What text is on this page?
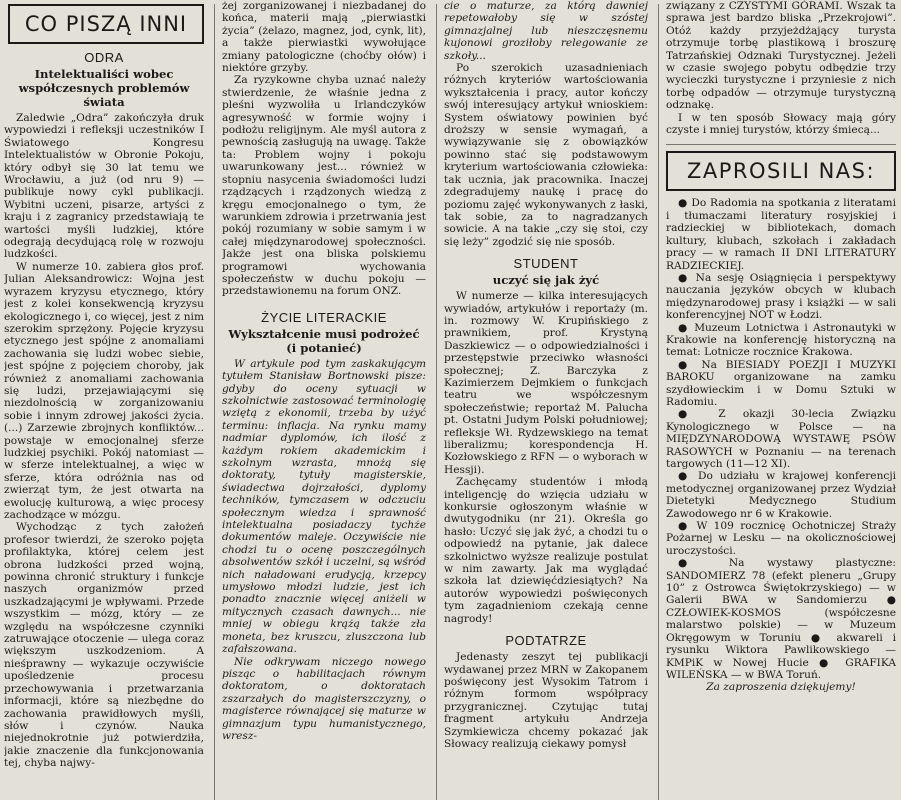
CO PISZĄ INNI
ODRA
Intelektualiści wobec współczesnych problemów świata

Zaledwie „Odra” zakończyła druk wypowiedzi i refleksji uczestników I Światowego Kongresu Intelektualistów w Obronie Pokoju, który odbył się 30 lat temu we Wrocławiu, a już (od nru 9) — publikuje nowy cykl publikacji. Wybitni uczeni, pisarze, artyści z kraju i z zagranicy przedstawiają te wartości myśli ludzkiej, które odegrają decydującą rolę w rozwoju ludzkości.

W numerze 10. zabiera głos prof. Julian Aleksandrowicz: Wojna jest wyrazem kryzysu etycznego, który jest z kolei konsekwencją kryzysu ekologicznego i, co więcej, jest z nim szerokim sprzężony. Pojęcie kryzysu etycznego jest spójne z anomaliami zachowania się ludzi wobec siebie, jest spójne z pojęciem choroby, jak również z anomaliami zachowania się ludzi, przejawiającymi się niezdolnością w zorganizowaniu sobie i innym zdrowej jakości życia. (...) Zarzewie zbrojnych konfliktów... powstaje w emocjonalnej sferze ludzkiej psychiki. Pokój natomiast — w sferze intelektualnej, a więc w sferze, która odróżnia nas od zwierząt tym, że jest otwarta na ewolucję kulturową, a więc procesy zachodzące w mózgu.

Wychodząc z tych założeń profesor twierdzi, że szeroko pojęta profilaktyka, której celem jest obrona ludzkości przed wojną, powinna chronić struktury i funkcje naszych organizmów przed uszkadzającymi je wpływami. Przede wszystkim — mózg, który — ze względu na współczesne czynniki zatruwające otoczenie — ulega coraz większym uszkodzeniom. A nieśprawny — wykazuje oczywiście upośledzenie procesu przechowywania i przetwarzania informacji, które są niezbędne do zachowania prawidłowych myśli, słów i czynów. Nauka niejednokrotnie już potwierdziła, jakie znaczenie dla funkcjonowania tej, chyba najwy-

żej zorganizowanej i niezbadanej do końca, materii mają „pierwiastki życia” (żelazo, magnez, jod, cynk, lit), a także pierwiastki wywołujące zmiany patologiczne (choćby ołów) i niektóre grzyby.

Za ryzykowne chyba uznać należy stwierdzenie, że właśnie jedna z pleśni wyzwoliła u Irlandczyków agresywność w formie wojny i podłożu religijnym. Ale myśl autora z pewnością zasługują na uwagę. Także ta: Problem wojny i pokoju uwarunkowany jest... również w stopniu nasycenia świadomości ludzi rządzących i rządzonych wiedzą z kręgu emocjonalnego o tym, że warunkiem zdrowia i przetrwania jest pokój rozumiany w sobie samym i w całej międzynarodowej społeczności. Jakże jest ona bliska polskiemu programowi wychowania społeczeństw w duchu pokoju — przedstawionemu na forum ONZ.

ŻYCIE LITERACKIE
Wykształcenie musi podrożeć (i potanieć)

W artykule pod tym zaskakującym tytułem Stanisław Bortnowski pisze: gdyby do oceny sytuacji w szkolnictwie zastosować terminologię wziętą z ekonomii, trzeba by użyć terminu: inflacja. Na rynku mamy nadmiar dyplomów, ich ilość z każdym rokiem akademickim i szkolnym wzrasta, mnożą się doktoraty, tytuły magisterskie, świadectwa dojrzałości, dyplomy techników, tymczasem w odczuciu społecznym wiedza i sprawność intelektualna posiadaczy tychże dokumentów maleje. Oczywiście nie chodzi tu o ocenę poszczególnych absolwentów szkół i uczelni, są wśród nich naładowani erudycją, krzepcy umysłowo młodzi ludzie, jest ich ponadto znacznie więcej aniżeli w mitycznych czasach dawnych... nie mniej w obiegu krążą także zła moneta, bez kruszcu, zluszczona lub zafałszowana.

Nie odkrywam niczego nowego pisząc o habilitacjach równym doktoratom, o doktoratach zszarzałych do magisterszczyzny, o magisterce równającej się maturze w gimnazjum typu humanistycznego, wresz-

cie o maturze, za którą dawniej repetowałoby się w szóstej gimnazjalnej lub nieszczęsnemu kujonowi groziłoby relegowanie ze szkoły...

Po szerokich uzasadnieniach różnych kryteriów wartościowania wykształcenia i pracy, autor kończy swój interesujący artykuł wnioskiem: System oświatowy powinien być droższy w sensie wymagań, a wywiązywanie się z obowiązków powinno stać się podstawowym kryterium wartościowania człowieka: tak ucznia, jak pracownika. Inaczej zdegradujemy naukę i pracę do poziomu zajęć wykonywanych z łaski, tak sobie, za to nagradzanych sowicie. A na takie „czy się stoi, czy się leży” zgodzić się nie sposób.

STUDENT
uczyć się jak żyć

W numerze — kilka interesujących wywiadów, artykułów i reportaży (m. in. rozmowy W. Krupińskiego z prawnikiem, prof. Krystyną Daszkiewicz — o odpowiedzialności i przestępstwie przeciwko własności społecznej; Z. Barczyka z Kazimierzem Dejmkiem o funkcjach teatru we współczesnym społeczeństwie; reportaż M. Palucha pt. Ostatni Judym Polski południowej; refleksje Wł. Rydzewskiego na temat liberalizmu; korespondencja H. Kozłowskiego z RFN — o wyborach w Hessji).

Zachęcamy studentów i młodą inteligencję do wzięcia udziału w konkursie ogłoszonym właśnie w dwutygodniku (nr 21). Określa go hasło: Uczyć się jak żyć, a chodzi tu o odpowiedź na pytanie, jak dalece szkolnictwo wyższe realizuje postulat w nim zawarty. Jak ma wyglądać szkoła lat dziewięćdziesiątych? Na autorów wypowiedzi poświęconych tym zagadnieniom czekają cenne nagrody!

PODTATRZE

Jedenasty zeszyt tej publikacji wydawanej przez MRN w Zakopanem poświęcony jest Wysokim Tatrom i różnym formom współpracy przygranicznej. Czytując tutaj fragment artykułu Andrzeja Szymkiewicza chcemy pokazać jak Słowacy realizują ciekawy pomysł

związany z CZYSTYMI GÓRAMI. Wszak ta sprawa jest bardzo bliska „Przekrojowi”. Otóż każdy przyjeżdżający turysta otrzymuje torbę plastikową i broszurę Tatrzańskiej Odznaki Turystycznej. Jeżeli w czasie swojego pobytu odbędzie trzy wycieczki turystyczne i przyniesie z nich torbę odpadów — otrzymuje turystyczną odznakę.

I w ten sposób Słowacy mają góry czyste i mniej turystów, którzy śmiecą...

ZAPROSILI NAS:

● Do Radomia na spotkania z literatami i tłumaczami literatury rosyjskiej i radzieckiej w bibliotekach, domach kultury, klubach, szkołach i zakładach pracy — w ramach II DNI LITERATURY RADZIECKIEJ.

● Na sesję Osiągnięcia i perspektywy nauczania języków obcych w klubach międzynarodowej prasy i książki — w sali konferencyjnej NOT w Łodzi.

● Muzeum Lotnictwa i Astronautyki w Krakowie na konferencję historyczną na temat: Lotnicze rocznice Krakowa.

● Na BIESIADY POEZJI I MUZYKI BAROKU organizowane na zamku szydłowieckim i w Domu Sztuki w Radomiu.

● Z okazji 30-lecia Związku Kynologicznego w Polsce — na MIĘDZYNARODOWĄ WYSTAWĘ PSÓW RASOWYCH w Poznaniu — na terenach targowych (11—12 XI).

● Do udziału w krajowej konferencji metodycznej organizowanej przez Wydział Dietetyki Medycznego Studium Zawodowego nr 6 w Krakowie.

● W 109 rocznicę Ochotniczej Straży Pożarnej w Lesku — na okolicznościowej uroczystości.

● Na wystawy plastyczne: SANDOMIERZ 78 (efekt pleneru „Grupy 10” z Ostrowca Świętokrzyskiego) — w Galerii BWA w Sandomierzu ● CZŁOWIEK-KOSMOS (współczesne malarstwo polskie) — w Muzeum Okręgowym w Toruniu ● akwareli i rysunku Wiktora Pawlikowskiego — KMPiK w Nowej Hucie ● GRAFIKA WILEŃSKA — w BWA Toruń.

Za zaproszenia dziękujemy!
